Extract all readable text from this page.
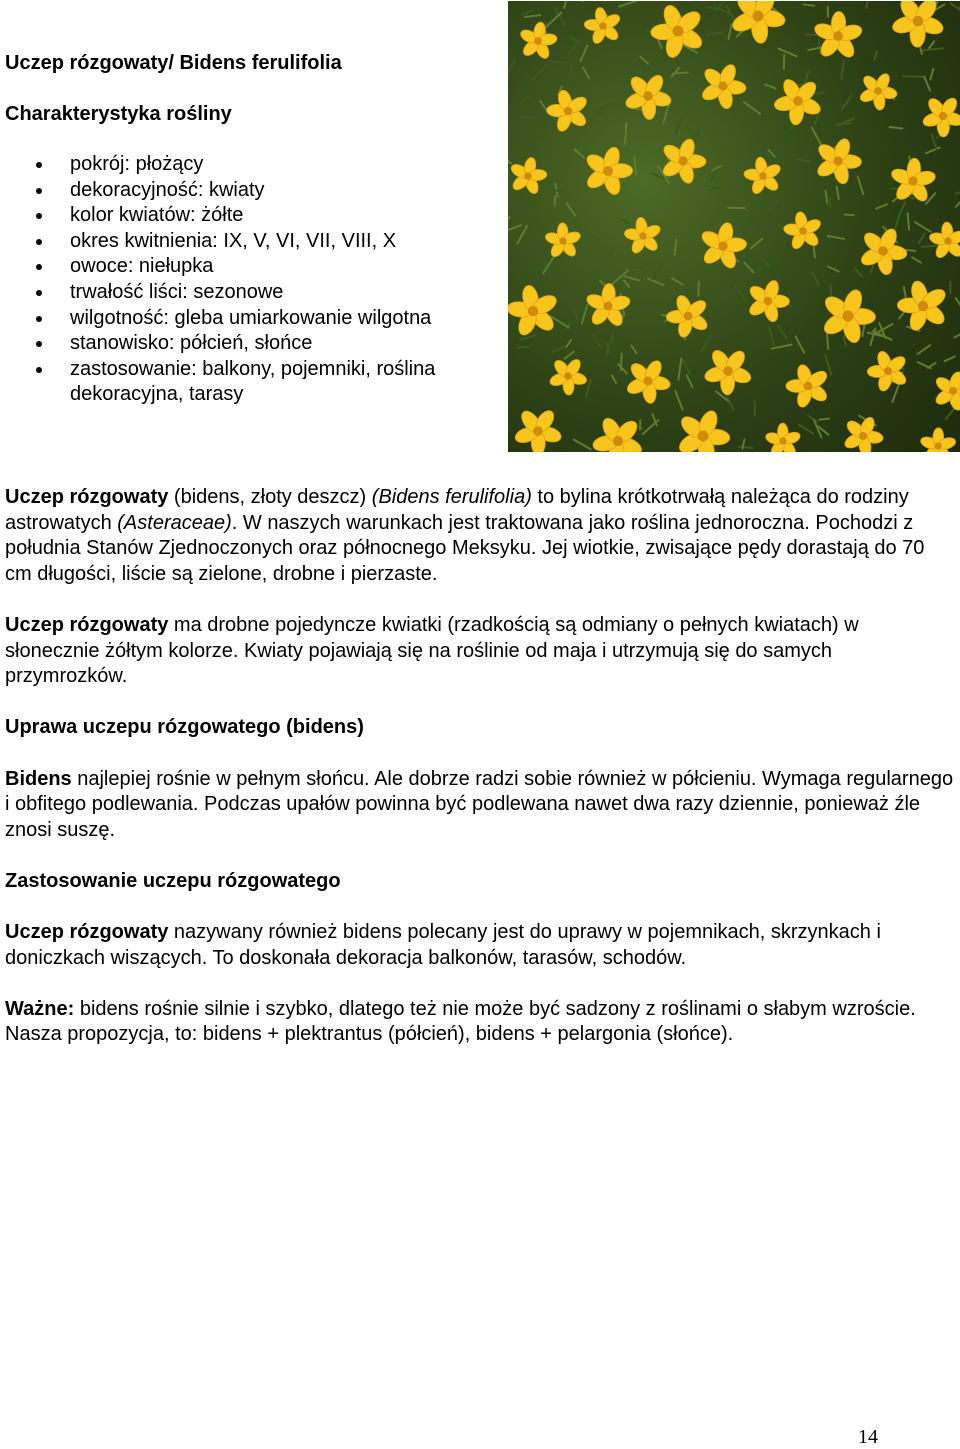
Uczep rózgowaty/ Bidens ferulifolia
Charakterystyka rośliny
pokrój: płożący
dekoracyjność: kwiaty
kolor kwiatów: żółte
okres kwitnienia: IX, V, VI, VII, VIII, X
owoce: niełupka
trwałość liści: sezonowe
wilgotność: gleba umiarkowanie wilgotna
stanowisko: półcień, słońce
zastosowanie: balkony, pojemniki, roślina dekoracyjna, tarasy

Uczep rózgowaty (bidens, złoty deszcz) (Bidens ferulifolia) to bylina krótkotrwałą należąca do rodziny astrowatych (Asteraceae). W naszych warunkach jest traktowana jako roślina jednoroczna. Pochodzi z południa Stanów Zjednoczonych oraz północnego Meksyku. Jej wiotkie, zwisające pędy dorastają do 70 cm długości, liście są zielone, drobne i pierzaste.

Uczep rózgowaty ma drobne pojedyncze kwiatki (rzadkością są odmiany o pełnych kwiatach) w słonecznie żółtym kolorze. Kwiaty pojawiają się na roślinie od maja i utrzymują się do samych przymrozków.

Uprawa uczepu rózgowatego (bidens)

Bidens najlepiej rośnie w pełnym słońcu. Ale dobrze radzi sobie również w półcieniu. Wymaga regularnego i obfitego podlewania. Podczas upałów powinna być podlewana nawet dwa razy dziennie, ponieważ źle znosi suszę.

Zastosowanie uczepu rózgowatego

Uczep rózgowaty nazywany również bidens polecany jest do uprawy w pojemnikach, skrzynkach i doniczkach wiszących. To doskonała dekoracja balkonów, tarasów, schodów.

Ważne: bidens rośnie silnie i szybko, dlatego też nie może być sadzony z roślinami o słabym wzroście. Nasza propozycja, to: bidens + plektrantus (półcień), bidens + pelargonia (słońce).

14
